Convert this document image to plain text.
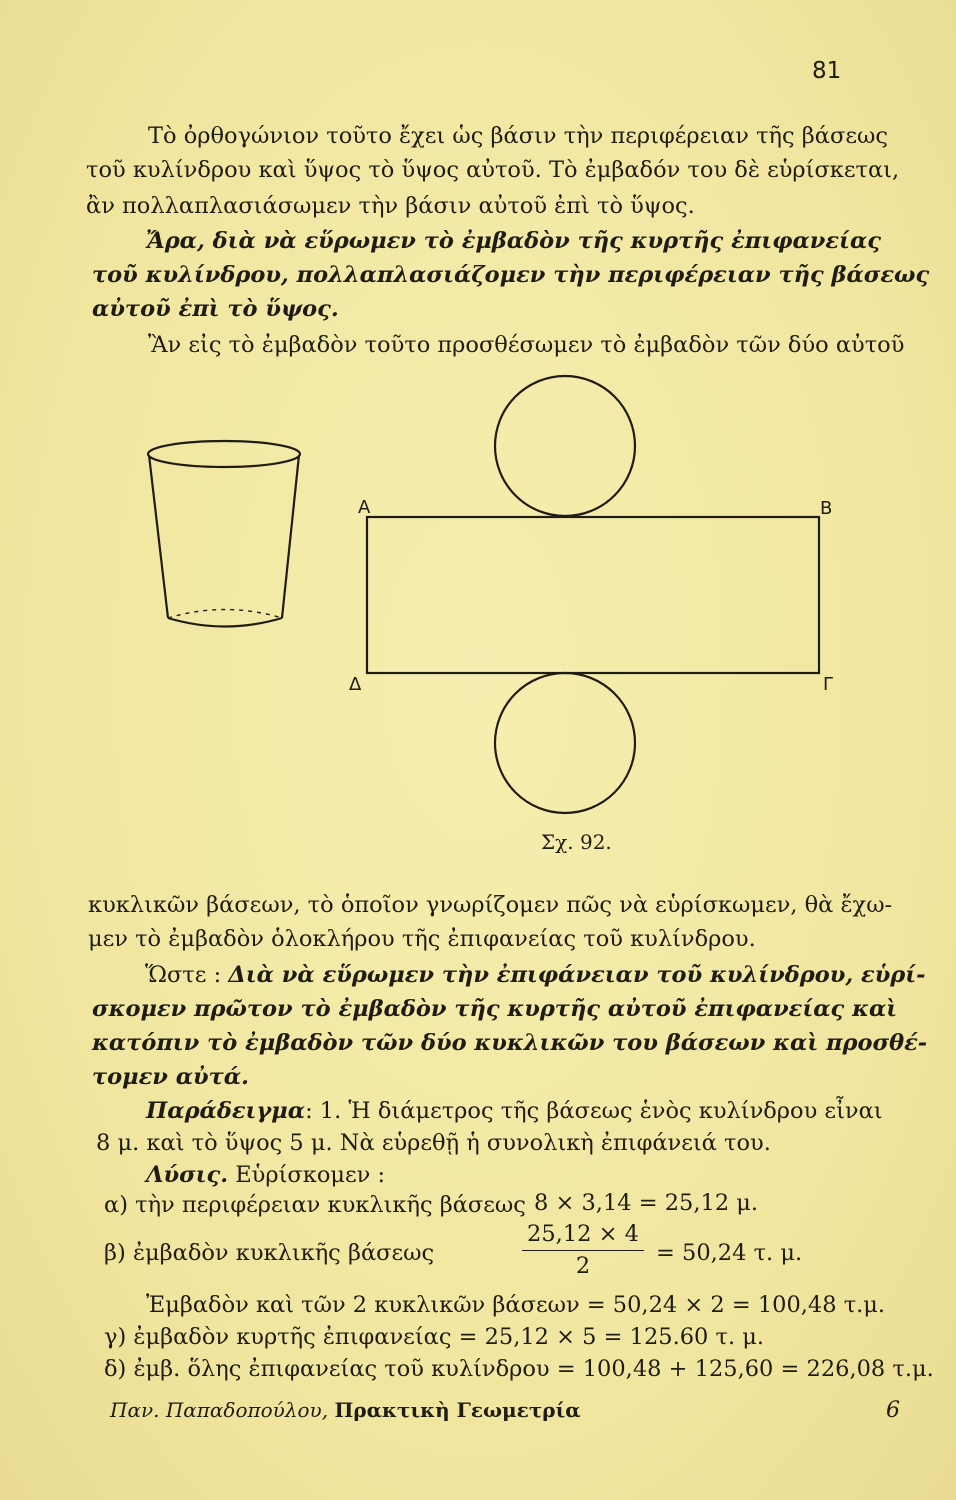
81
Τὸ ὀρθογώνιον τοῦτο ἔχει ὡς βάσιν τὴν περιφέρειαν τῆς βάσεως
τοῦ κυλίνδρου καὶ ὕψος τὸ ὕψος αὐτοῦ. Τὸ ἐμβαδόν του δὲ εὑρίσκεται,
ἂν πολλαπλασιάσωμεν τὴν βάσιν αὐτοῦ ἐπὶ τὸ ὕψος.
Ἄρα, διὰ νὰ εὕρωμεν τὸ ἐμβαδὸν τῆς κυρτῆς ἐπιφανείας
τοῦ κυλίνδρου, πολλαπλασιάζομεν τὴν περιφέρειαν τῆς βάσεως
αὐτοῦ ἐπὶ τὸ ὕψος.
Ἂν εἰς τὸ ἐμβαδὸν τοῦτο προσθέσωμεν τὸ ἐμβαδὸν τῶν δύο αὐτοῦ
Α	Β
Γ
Δ
Σχ. 92.
κυκλικῶν βάσεων, τὸ ὁποῖον γνωρίζομεν πῶς νὰ εὑρίσκωμεν, θὰ ἔχω-
μεν τὸ ἐμβαδὸν ὁλοκλήρου τῆς ἐπιφανείας τοῦ κυλίνδρου.
Ὥστε : Διὰ νὰ εὕρωμεν τὴν ἐπιφάνειαν τοῦ κυλίνδρου, εὑρί-
σκομεν πρῶτον τὸ ἐμβαδὸν τῆς κυρτῆς αὐτοῦ ἐπιφανείας καὶ
κατόπιν τὸ ἐμβαδὸν τῶν δύο κυκλικῶν του βάσεων καὶ προσθέ-
τομεν αὐτά.
Παράδειγμα: 1. Ἡ διάμετρος τῆς βάσεως ἑνὸς κυλίνδρου εἶναι
8 μ. καὶ τὸ ὕψος 5 μ. Νὰ εὑρεθῇ ἡ συνολικὴ ἐπιφάνειά του.
Λύσις. Εὑρίσκομεν :
α) τὴν περιφέρειαν κυκλικῆς βάσεως 8 × 3,14 = 25,12 μ.
β) ἐμβαδὸν κυκλικῆς βάσεως
25,12 × 4
2	= 50,24 τ. μ.
Ἐμβαδὸν καὶ τῶν 2 κυκλικῶν βάσεων = 50,24 × 2 = 100,48 τ.μ.
γ) ἐμβαδὸν κυρτῆς ἐπιφανείας = 25,12 × 5 = 125.60 τ. μ.
δ) ἐμβ. ὅλης ἐπιφανείας τοῦ κυλίνδρου = 100,48 + 125,60 = 226,08 τ.μ.
Παν. Παπαδοπούλου, Πρακτικὴ Γεωμετρία	6
